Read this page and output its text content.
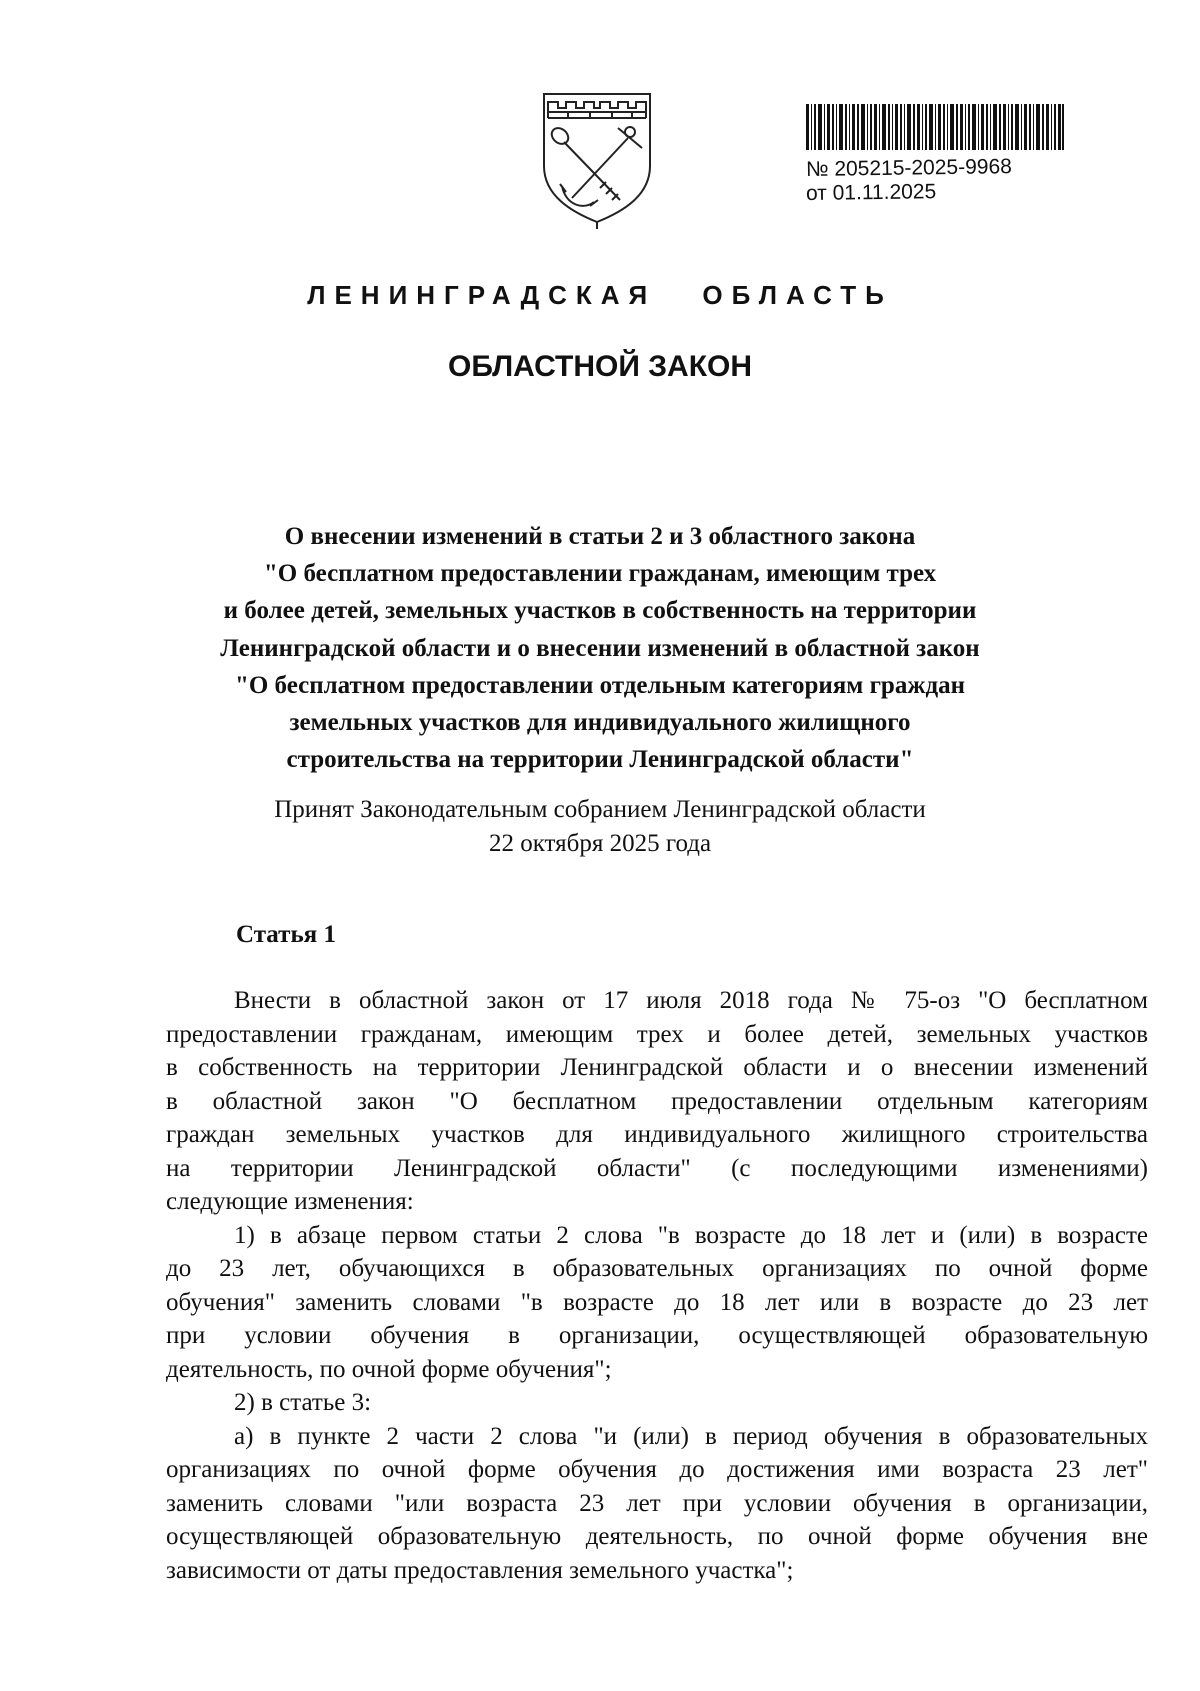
№ 205215-2025-9968
от 01.11.2025
ЛЕНИНГРАДСКАЯ ОБЛАСТЬ
ОБЛАСТНОЙ ЗАКОН
О внесении изменений в статьи 2 и 3 областного закона
"О бесплатном предоставлении гражданам, имеющим трех
и более детей, земельных участков в собственность на территории
Ленинградской области и о внесении изменений в областной закон
"О бесплатном предоставлении отдельным категориям граждан
земельных участков для индивидуального жилищного
строительства на территории Ленинградской области"
Принят Законодательным собранием Ленинградской области
22 октября 2025 года
Статья 1
Внести в областной закон от 17 июля 2018 года № 75-оз "О бесплатном
предоставлении гражданам, имеющим трех и более детей, земельных участков
в собственность на территории Ленинградской области и о внесении изменений
в областной закон "О бесплатном предоставлении отдельным категориям
граждан земельных участков для индивидуального жилищного строительства
на территории Ленинградской области" (с последующими изменениями)
следующие изменения:
1) в абзаце первом статьи 2 слова "в возрасте до 18 лет и (или) в возрасте
до 23 лет, обучающихся в образовательных организациях по очной форме
обучения" заменить словами "в возрасте до 18 лет или в возрасте до 23 лет
при условии обучения в организации, осуществляющей образовательную
деятельность, по очной форме обучения";
2) в статье 3:
а) в пункте 2 части 2 слова "и (или) в период обучения в образовательных
организациях по очной форме обучения до достижения ими возраста 23 лет"
заменить словами "или возраста 23 лет при условии обучения в организации,
осуществляющей образовательную деятельность, по очной форме обучения вне
зависимости от даты предоставления земельного участка";
